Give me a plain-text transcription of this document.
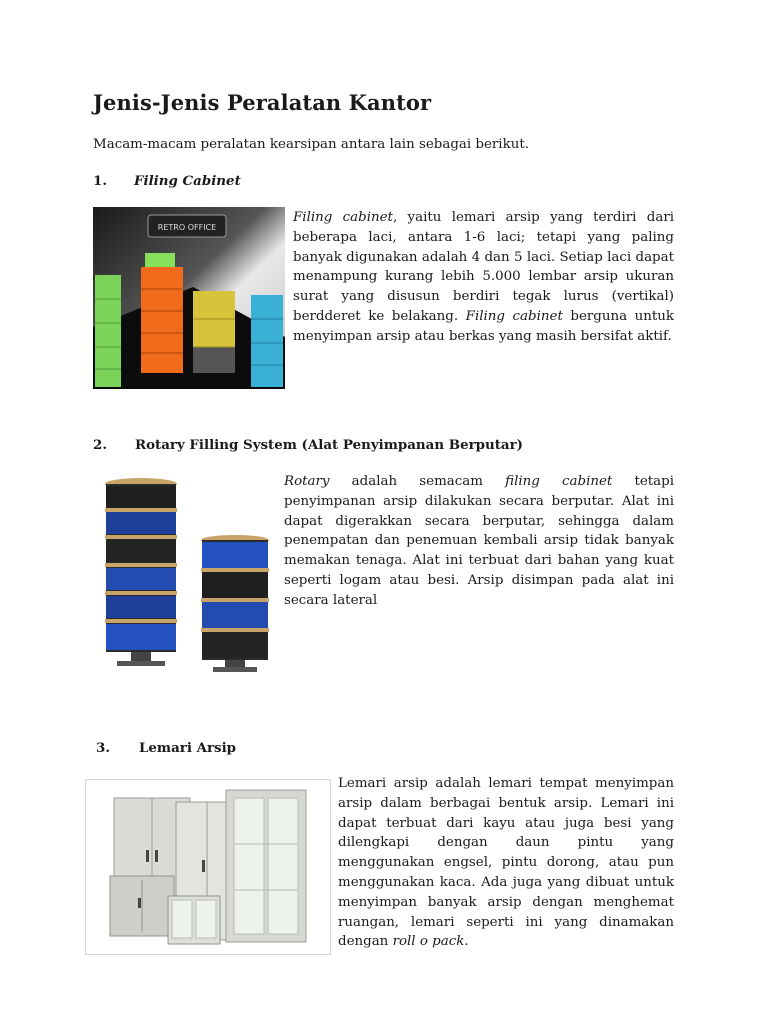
Jenis-Jenis Peralatan Kantor
Macam-macam peralatan kearsipan antara lain sebagai berikut.
1. Filing Cabinet
RETRO OFFICE

Filing cabinet, yaitu lemari arsip yang terdiri dari beberapa laci, antara 1-6 laci; tetapi yang paling banyak digunakan adalah 4 dan 5 laci. Setiap laci dapat menampung kurang lebih 5.000 lembar arsip ukuran surat yang disusun berdiri tegak lurus (vertikal) berdderet ke belakang. Filing cabinet berguna untuk menyimpan arsip atau berkas yang masih bersifat aktif.

2. Rotary Filling System (Alat Penyimpanan Berputar)

Rotary adalah semacam filing cabinet tetapi penyimpanan arsip dilakukan secara berputar. Alat ini dapat digerakkan secara berputar, sehingga dalam penempatan dan penemuan kembali arsip tidak banyak memakan tenaga. Alat ini terbuat dari bahan yang kuat seperti logam atau besi. Arsip disimpan pada alat ini secara lateral

3. Lemari Arsip

Lemari arsip adalah lemari tempat menyimpan arsip dalam berbagai bentuk arsip. Lemari ini dapat terbuat dari kayu atau juga besi yang dilengkapi dengan daun pintu yang menggunakan engsel, pintu dorong, atau pun menggunakan kaca. Ada juga yang dibuat untuk menyimpan banyak arsip dengan menghemat ruangan, lemari seperti ini yang dinamakan dengan roll o pack.
